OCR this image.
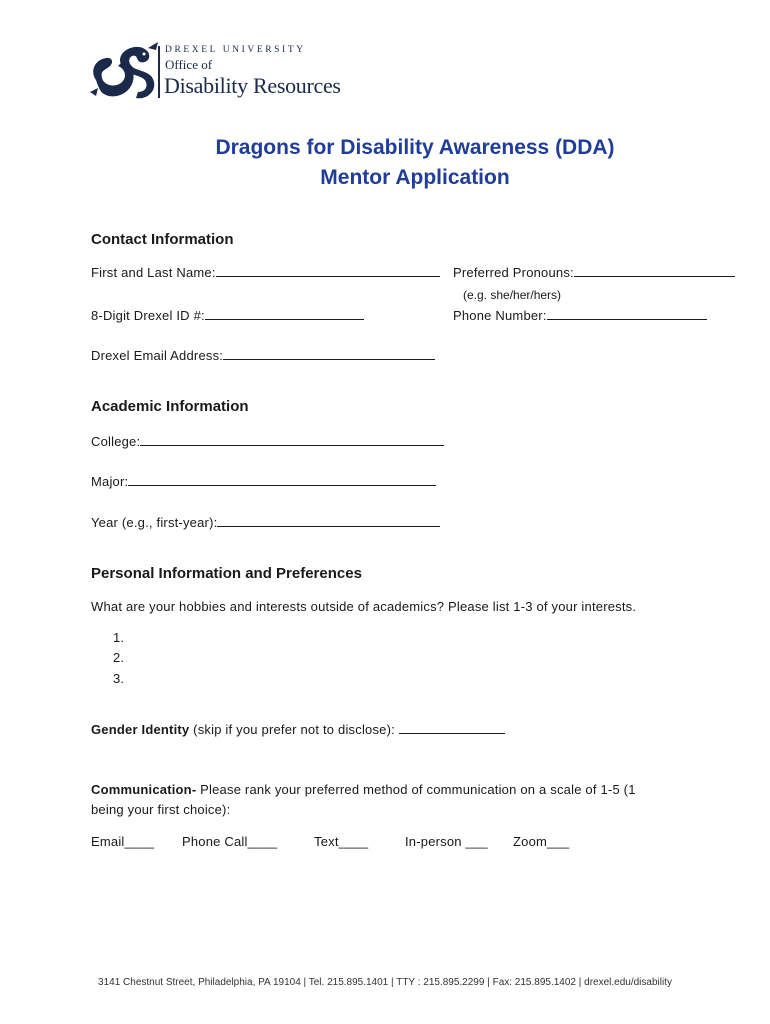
DREXEL UNIVERSITY
Office of
Disability Resources
Dragons for Disability Awareness (DDA)
Mentor Application
Contact Information
First and Last Name:	Preferred Pronouns:
(e.g. she/her/hers)
8-Digit Drexel ID #:	Phone Number:
Drexel Email Address:
Academic Information
College:
Major:
Year (e.g., first-year):
Personal Information and Preferences
What are your hobbies and interests outside of academics? Please list 1-3 of your interests.
1.
2.
3.
Gender Identity (skip if you prefer not to disclose):
Communication- Please rank your preferred method of communication on a scale of 1-5 (1
being your first choice):
Email____ Phone Call____	Text____	In-person ___ Zoom___
3141 Chestnut Street, Philadelphia, PA 19104 | Tel. 215.895.1401 | TTY : 215.895.2299 | Fax: 215.895.1402 | drexel.edu/disability
